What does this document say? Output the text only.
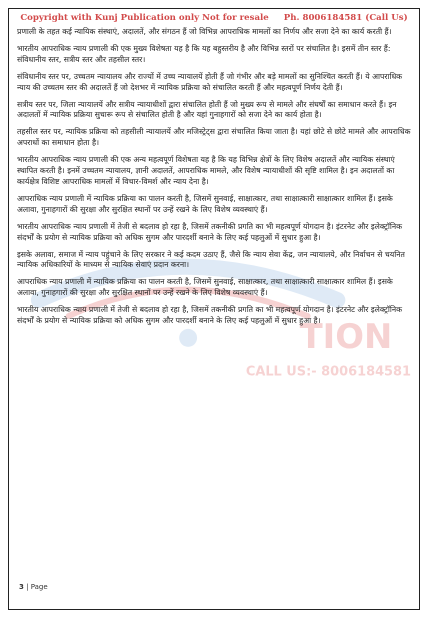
Copyright with Kunj Publication only Not for resale Ph. 8006184581 (Call Us)
TION
CALL US:- 8006184581

प्रणाली के तहत कई न्यायिक संस्थाएं, अदालतें, और संगठन हैं जो विभिन्न आपराधिक मामलों का निर्णय और सजा देने का कार्य करती हैं।

भारतीय आपराधिक न्याय प्रणाली की एक मुख्य विशेषता यह है कि यह बहुस्तरीय है और विभिन्न स्तरों पर संचालित है। इसमें तीन स्तर हैं: संविधानीय स्तर, सत्रीय स्तर और तहसील स्तर।

संविधानीय स्तर पर, उच्चतम न्यायालय और राज्यों में उच्च न्यायालयें होती हैं जो गंभीर और बड़े मामलों का सुनिश्चित करती हैं। ये आपराधिक न्याय की उच्चतम स्तर की अदालतें हैं जो देशभर में न्यायिक प्रक्रिया को संचालित करती हैं और महत्वपूर्ण निर्णय देती हैं।

सत्रीय स्तर पर, जिला न्यायालयें और सत्रीय न्यायाधीशों द्वारा संचालित होती हैं जो मुख्य रूप से मामले और संघर्षों का समाधान करते हैं। इन अदालतों में न्यायिक प्रक्रिया सुचारू रूप से संचालित होती है और यहां गुनाहगारों को सजा देने का कार्य होता है।

तहसील स्तर पर, न्यायिक प्रक्रिया को तहसीली न्यायालयें और मजिस्ट्रेट्स द्वारा संचालित किया जाता है। यहां छोटे से छोटे मामले और आपराधिक अपराधों का समाधान होता है।

भारतीय आपराधिक न्याय प्रणाली की एक अन्य महत्वपूर्ण विशेषता यह है कि यह विभिन्न क्षेत्रों के लिए विशेष अदालतें और न्यायिक संस्थाएं स्थापित करती है। इनमें उच्चतम न्यायालय, ज्ञानी अदालतें, आपराधिक मामले, और विशेष न्यायाधीशों की सृष्टि शामिल है। इन अदालतों का कार्यक्षेत्र विशिष्ट आपराधिक मामलों में विचार-विमर्श और न्याय देना है।

आपराधिक न्याय प्रणाली में न्यायिक प्रक्रिया का पालन करती है, जिसमें सुनवाई, साक्षात्कार, तथा साक्षात्कारी साक्षात्कार शामिल हैं। इसके अलावा, गुनाहगारों की सुरक्षा और सुरक्षित स्थानों पर उन्हें रखने के लिए विशेष व्यवस्थाएं हैं।

भारतीय आपराधिक न्याय प्रणाली में तेजी से बदलाव हो रहा है, जिसमें तकनीकी प्रगति का भी महत्वपूर्ण योगदान है। इंटरनेट और इलेक्ट्रॉनिक संदर्भों के प्रयोग से न्यायिक प्रक्रिया को अधिक सुगम और पारदर्शी बनाने के लिए कई पहलुओं में सुधार हुआ है।

इसके अलावा, समाज में न्याय पहुंचाने के लिए सरकार ने कई कदम उठाए हैं, जैसे कि न्याय सेवा केंद्र, जन न्यायालये, और निर्वाचन से चयनित न्यायिक अधिकारियों के माध्यम से न्यायिक सेवाएं प्रदान करना।

आपराधिक न्याय प्रणाली में न्यायिक प्रक्रिया का पालन करती है, जिसमें सुनवाई, साक्षात्कार, तथा साक्षात्कारी साक्षात्कार शामिल हैं। इसके अलावा, गुनाहगारों की सुरक्षा और सुरक्षित स्थानों पर उन्हें रखने के लिए विशेष व्यवस्थाएं हैं।

भारतीय आपराधिक न्याय प्रणाली में तेजी से बदलाव हो रहा है, जिसमें तकनीकी प्रगति का भी महत्वपूर्ण योगदान है। इंटरनेट और इलेक्ट्रॉनिक संदर्भों के प्रयोग से न्यायिक प्रक्रिया को अधिक सुगम और पारदर्शी बनाने के लिए कई पहलुओं में सुधार हुआ है।

3 | Page
